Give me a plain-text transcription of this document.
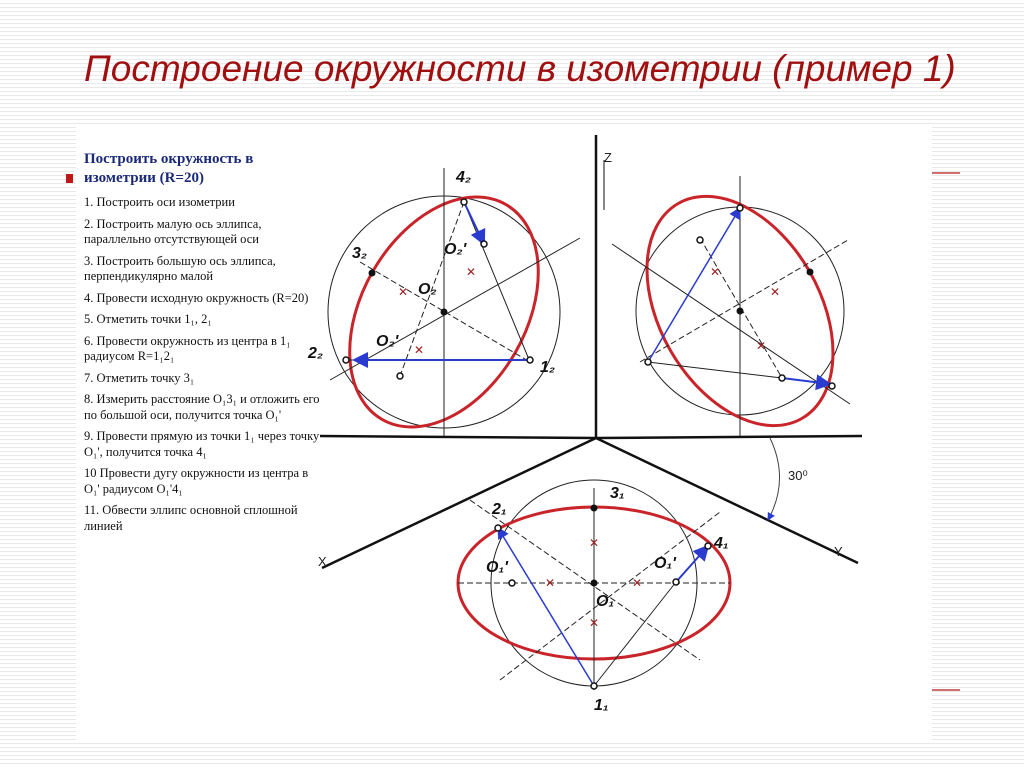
Построение окружности в изометрии (пример 1)
Построить окружность в изометрии (R=20)
1. Построить оси изометрии
2. Построить малую ось эллипса, параллельно отсутствующей оси
3. Построить большую ось эллипса, перпендикулярно малой
4. Провести исходную окружность (R=20)
5. Отметить точки 1₁, 2₁
6. Провести окружность из центра в 1₁ радиусом R=1₁2₁
7. Отметить точку 3₁
8. Измерить расстояние О₁3₁ и отложить его по большой оси, получится точка О₁'
9. Провести прямую из точки 1₁ через точку О₁', получится точка 4₁
10 Провести дугу окружности из центра в О₁' радиусом О₁'4₁
11. Обвести эллипс основной сплошной линией
Z
X
Y
30⁰
✕
✕
✕
4₂
3₂
2₂
1₂
O₂'
O₂
O₂'
✕
✕
✕
✕
✕	✕
✕
2₁
3₁
4₁
1₁
O₁'	O₁'
O₁
